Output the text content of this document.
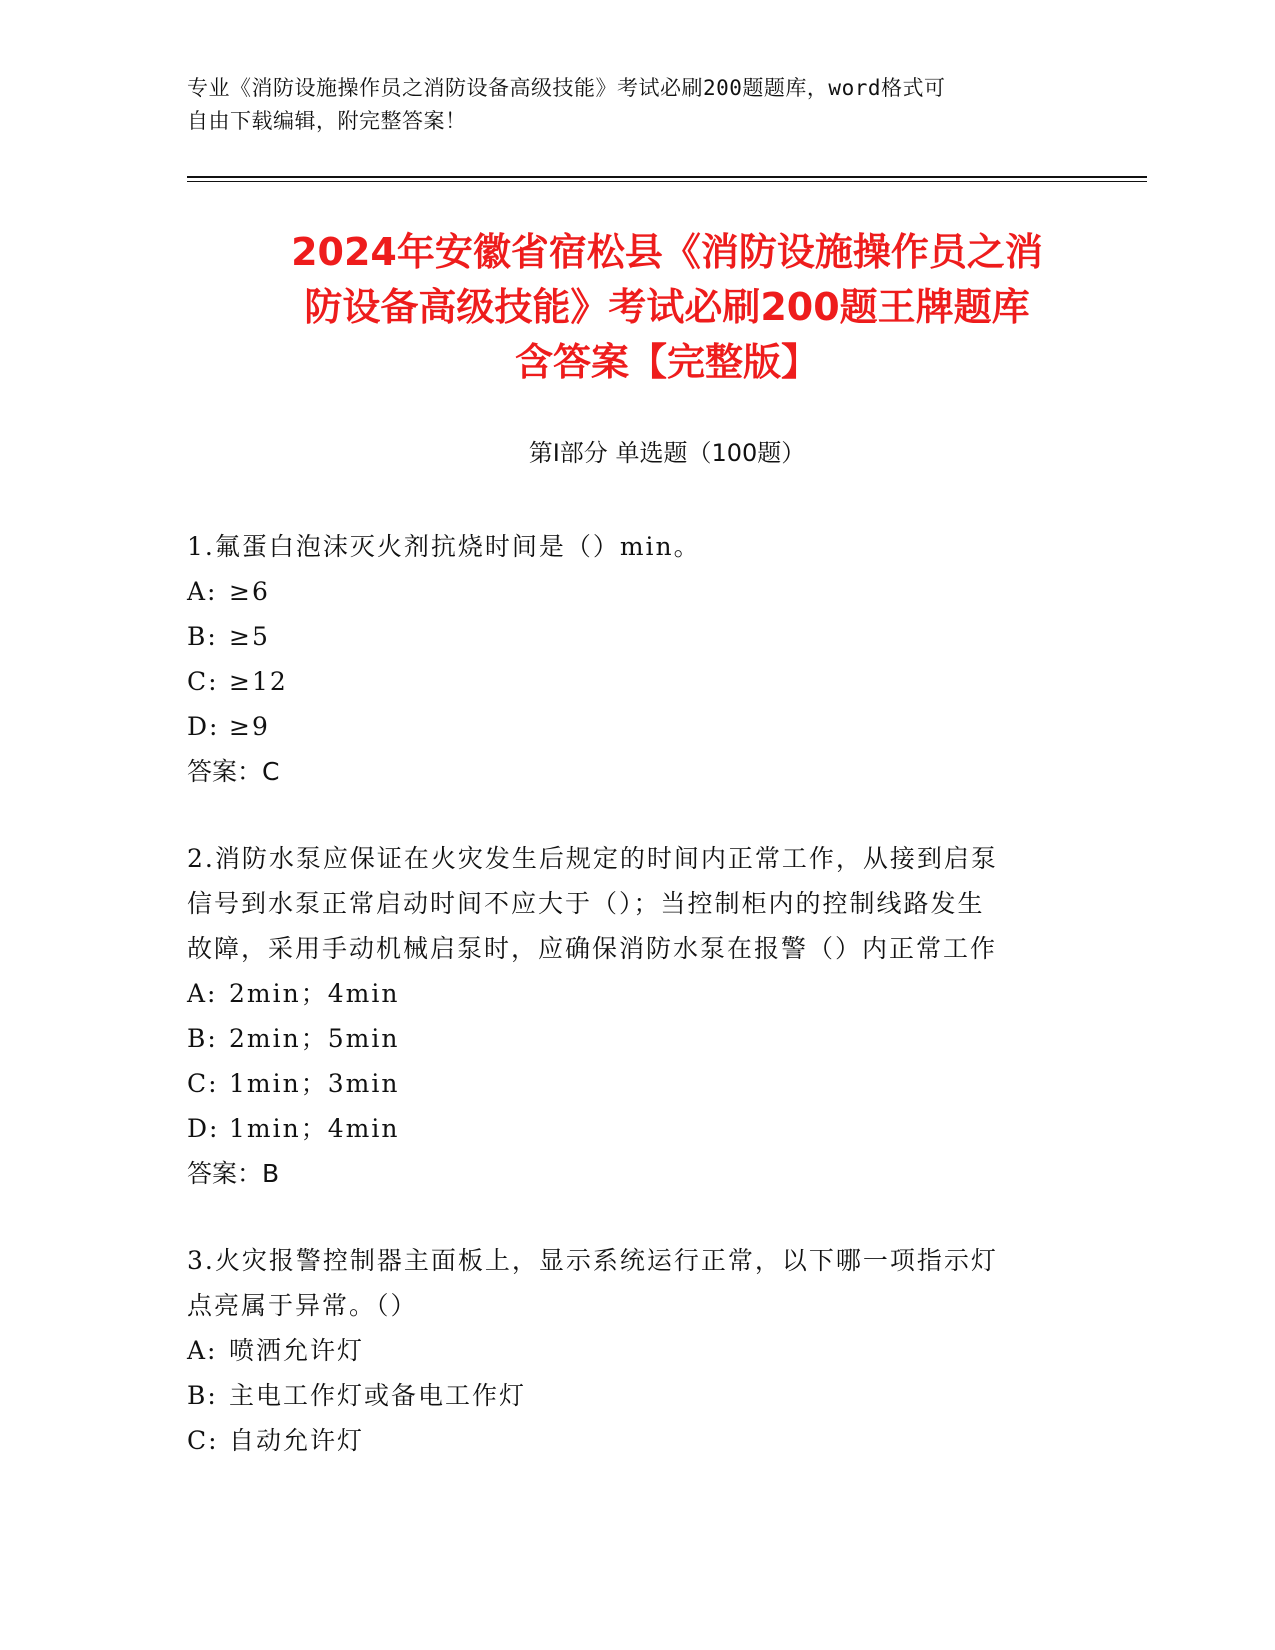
专业《消防设施操作员之消防设备高级技能》考试必刷200题题库，word格式可
自由下载编辑，附完整答案！
2024年安徽省宿松县《消防设施操作员之消
防设备高级技能》考试必刷200题王牌题库
含答案【完整版】
第I部分 单选题（100题）

1.氟蛋白泡沫灭火剂抗烧时间是（）min。

A: ≥6

B: ≥5

C: ≥12

D: ≥9

答案：C

2.消防水泵应保证在火灾发生后规定的时间内正常工作，从接到启泵

信号到水泵正常启动时间不应大于（）；当控制柜内的控制线路发生

故障，采用手动机械启泵时，应确保消防水泵在报警（）内正常工作

A: 2min；4min

B: 2min；5min

C: 1min；3min

D: 1min；4min

答案：B

3.火灾报警控制器主面板上，显示系统运行正常，以下哪一项指示灯

点亮属于异常。（）

A: 喷洒允许灯

B: 主电工作灯或备电工作灯

C: 自动允许灯
